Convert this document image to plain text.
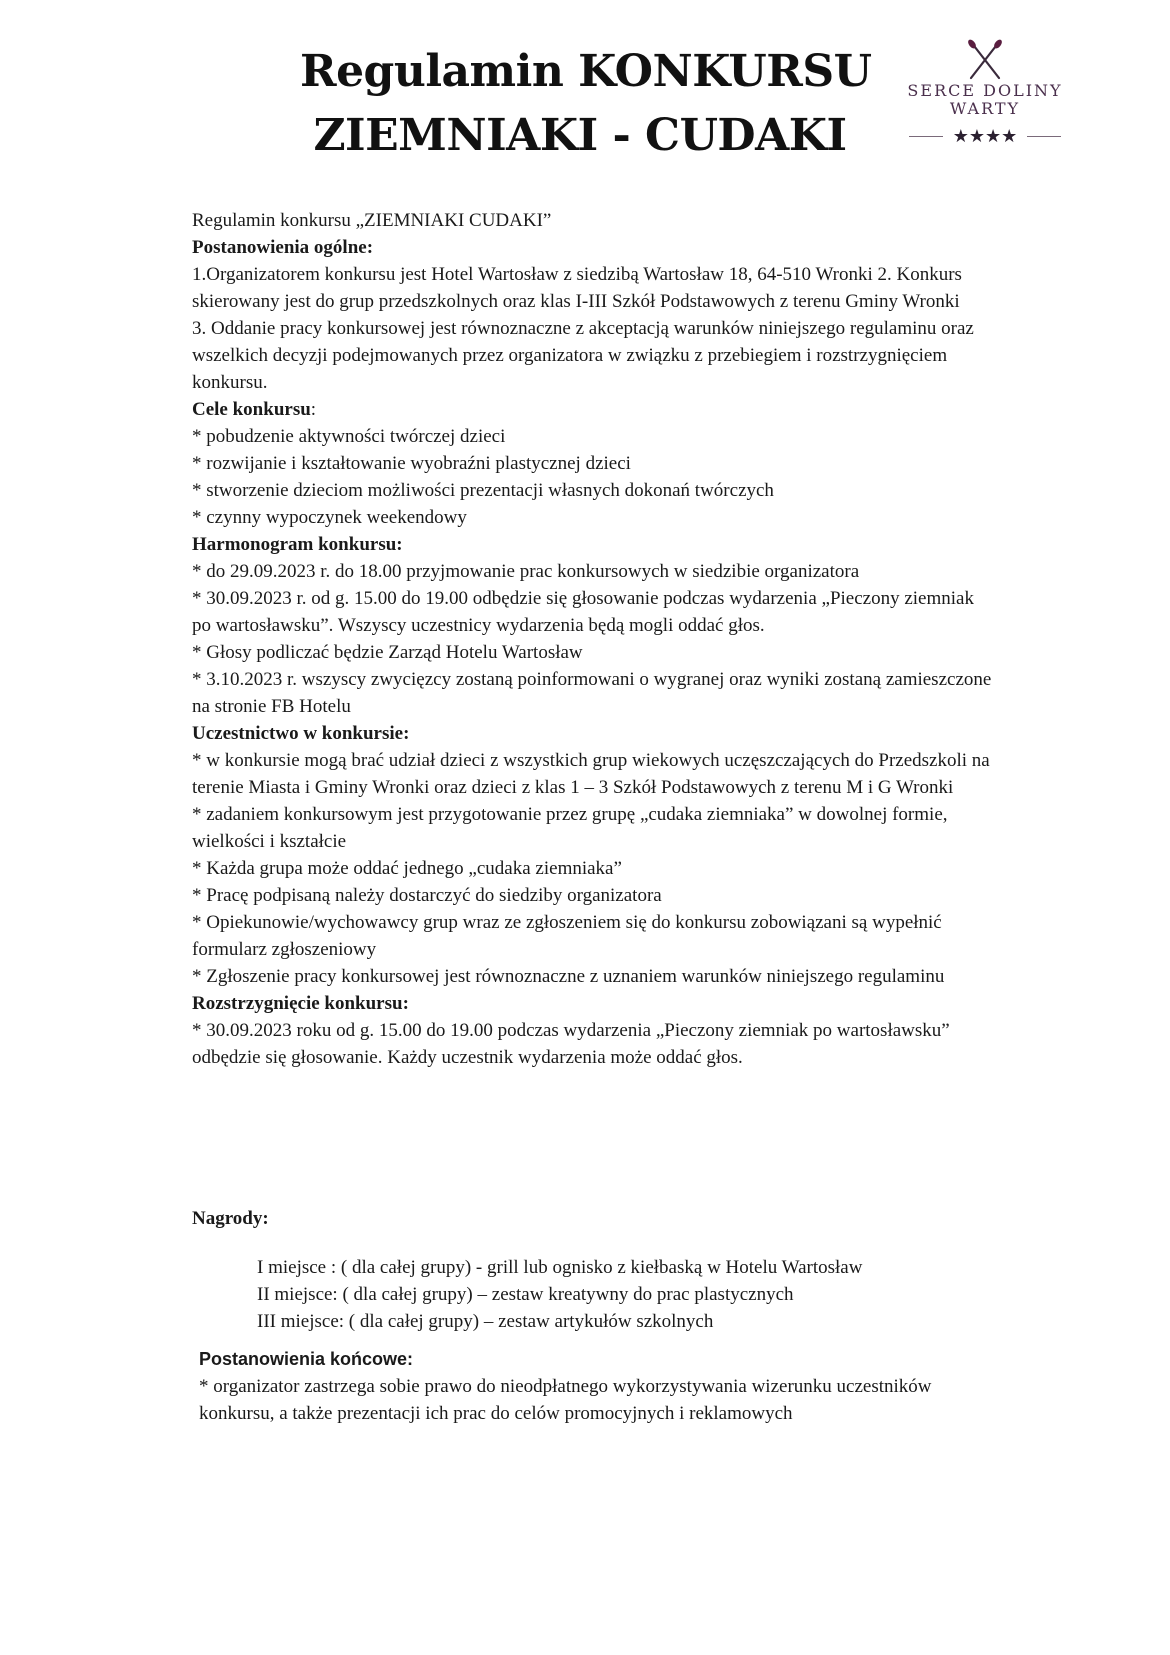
Regulamin KONKURSU
ZIEMNIAKI - CUDAKI
SERCE DOLINY
WARTY
★★★★

Regulamin konkursu „ZIEMNIAKI CUDAKI”

Postanowienia ogólne:

1.Organizatorem konkursu jest Hotel Wartosław z siedzibą Wartosław 18, 64-510 Wronki 2. Konkurs skierowany jest do grup przedszkolnych oraz klas I-III Szkół Podstawowych z terenu Gminy Wronki

3. Oddanie pracy konkursowej jest równoznaczne z akceptacją warunków niniejszego regulaminu oraz wszelkich decyzji podejmowanych przez organizatora w związku z przebiegiem i rozstrzygnięciem konkursu.

Cele konkursu:

* pobudzenie aktywności twórczej dzieci

* rozwijanie i kształtowanie wyobraźni plastycznej dzieci

* stworzenie dzieciom możliwości prezentacji własnych dokonań twórczych

* czynny wypoczynek weekendowy

Harmonogram konkursu:

* do 29.09.2023 r. do 18.00 przyjmowanie prac konkursowych w siedzibie organizatora

* 30.09.2023 r. od g. 15.00 do 19.00 odbędzie się głosowanie podczas wydarzenia „Pieczony ziemniak po wartosławsku”. Wszyscy uczestnicy wydarzenia będą mogli oddać głos.

* Głosy podliczać będzie Zarząd Hotelu Wartosław

* 3.10.2023 r. wszyscy zwycięzcy zostaną poinformowani o wygranej oraz wyniki zostaną zamieszczone na stronie FB Hotelu

Uczestnictwo w konkursie:

* w konkursie mogą brać udział dzieci z wszystkich grup wiekowych uczęszczających do Przedszkoli na terenie Miasta i Gminy Wronki oraz dzieci z klas 1 – 3 Szkół Podstawowych z terenu M i G Wronki

* zadaniem konkursowym jest przygotowanie przez grupę „cudaka ziemniaka” w dowolnej formie, wielkości i kształcie

* Każda grupa może oddać jednego „cudaka ziemniaka”

* Pracę podpisaną należy dostarczyć do siedziby organizatora

* Opiekunowie/wychowawcy grup wraz ze zgłoszeniem się do konkursu zobowiązani są wypełnić formularz zgłoszeniowy

* Zgłoszenie pracy konkursowej jest równoznaczne z uznaniem warunków niniejszego regulaminu

Rozstrzygnięcie konkursu:

* 30.09.2023 roku od g. 15.00 do 19.00 podczas wydarzenia „Pieczony ziemniak po wartosławsku” odbędzie się głosowanie. Każdy uczestnik wydarzenia może oddać głos.

Nagrody:

I miejsce : ( dla całej grupy) - grill lub ognisko z kiełbaską w Hotelu Wartosław

II miejsce: ( dla całej grupy) – zestaw kreatywny do prac plastycznych

III miejsce: ( dla całej grupy) – zestaw artykułów szkolnych

Postanowienia końcowe:

* organizator zastrzega sobie prawo do nieodpłatnego wykorzystywania wizerunku uczestników konkursu, a także prezentacji ich prac do celów promocyjnych i reklamowych
